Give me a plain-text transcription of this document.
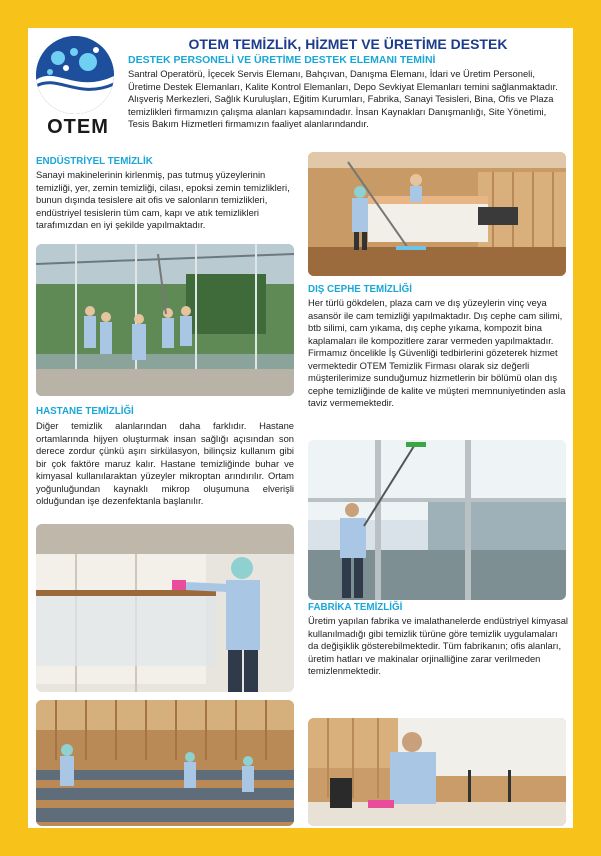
OTEM
OTEM TEMİZLİK, HİZMET VE ÜRETİME DESTEK
DESTEK PERSONELİ VE ÜRETİME DESTEK ELEMANI TEMİNİ
Santral Operatörü, İçecek Servis Elemanı, Bahçıvan, Danışma Elemanı, İdari ve Üretim Personeli, Üretime Destek Elemanları, Kalite Kontrol Elemanları, Depo Sevkiyat Elemanları temini sağlanmaktadır. Alışveriş Merkezleri, Sağlık Kuruluşları, Eğitim Kurumları, Fabrika, Sanayi Tesisleri, Bina, Ofis ve Plaza temizlikleri firmamızın çalışma alanları kapsamındadır. İnsan Kaynakları Danışmanlığı, Site Yönetimi, Tesis Bakım Hizmetleri firmamızın faaliyet alanlarındandır.
ENDÜSTRİYEL TEMİZLİK
Sanayi makinelerinin kirlenmiş, pas tutmuş yüzeylerinin temizliği, yer, zemin temizliği, cilası, epoksi zemin temizlikleri, bunun dışında tesislere ait ofis ve salonların temizlikleri, endüstriyel tesislerin tüm cam, kapı ve atık temizlikleri tarafımızdan en iyi şekilde yapılmaktadır.
DIŞ CEPHE TEMİZLİĞİ
Her türlü gökdelen, plaza cam ve dış yüzeylerin vinç veya asansör ile cam temizliği yapılmaktadır. Dış cephe cam silimi, btb silimi, cam yıkama, dış cephe yıkama, kompozit bina kaplamaları ile kompozitlere zarar vermeden yapılmaktadır. Firmamız öncelikle İş Güvenliği tedbirlerini gözeterek hizmet vermektedir OTEM Temizlik Firması olarak siz değerli müşterilerimize sunduğumuz hizmetlerin bir bölümü olan dış cephe temizliğinde de kalite ve müşteri memnuniyetinden asla taviz vermemektedir.
HASTANE TEMİZLİĞİ
Diğer temizlik alanlarından daha farklıdır. Hastane ortamlarında hijyen oluşturmak insan sağlığı açısından son derece zordur çünkü aşırı sirkülasyon, bilinçsiz kullanım gibi bir çok faktöre maruz kalır. Hastane temizliğinde buhar ve kimyasal kullanılaraktan yüzeyler mikroptan arındırılır. Ortam yoğunluğundan kaynaklı mikrop oluşumuna elverişli olduğundan işe dezenfektanla başlanılır.
FABRİKA TEMİZLİĞİ
Üretim yapılan fabrika ve imalathanelerde endüstriyel kimyasal kullanılmadığı gibi temizlik türüne göre temizlik uygulamaları da değişiklik gösterebilmektedir. Tüm fabrikanın; ofis alanları, üretim hatları ve makinalar orjinalliğine zarar verilmeden temizlenmektedir.
